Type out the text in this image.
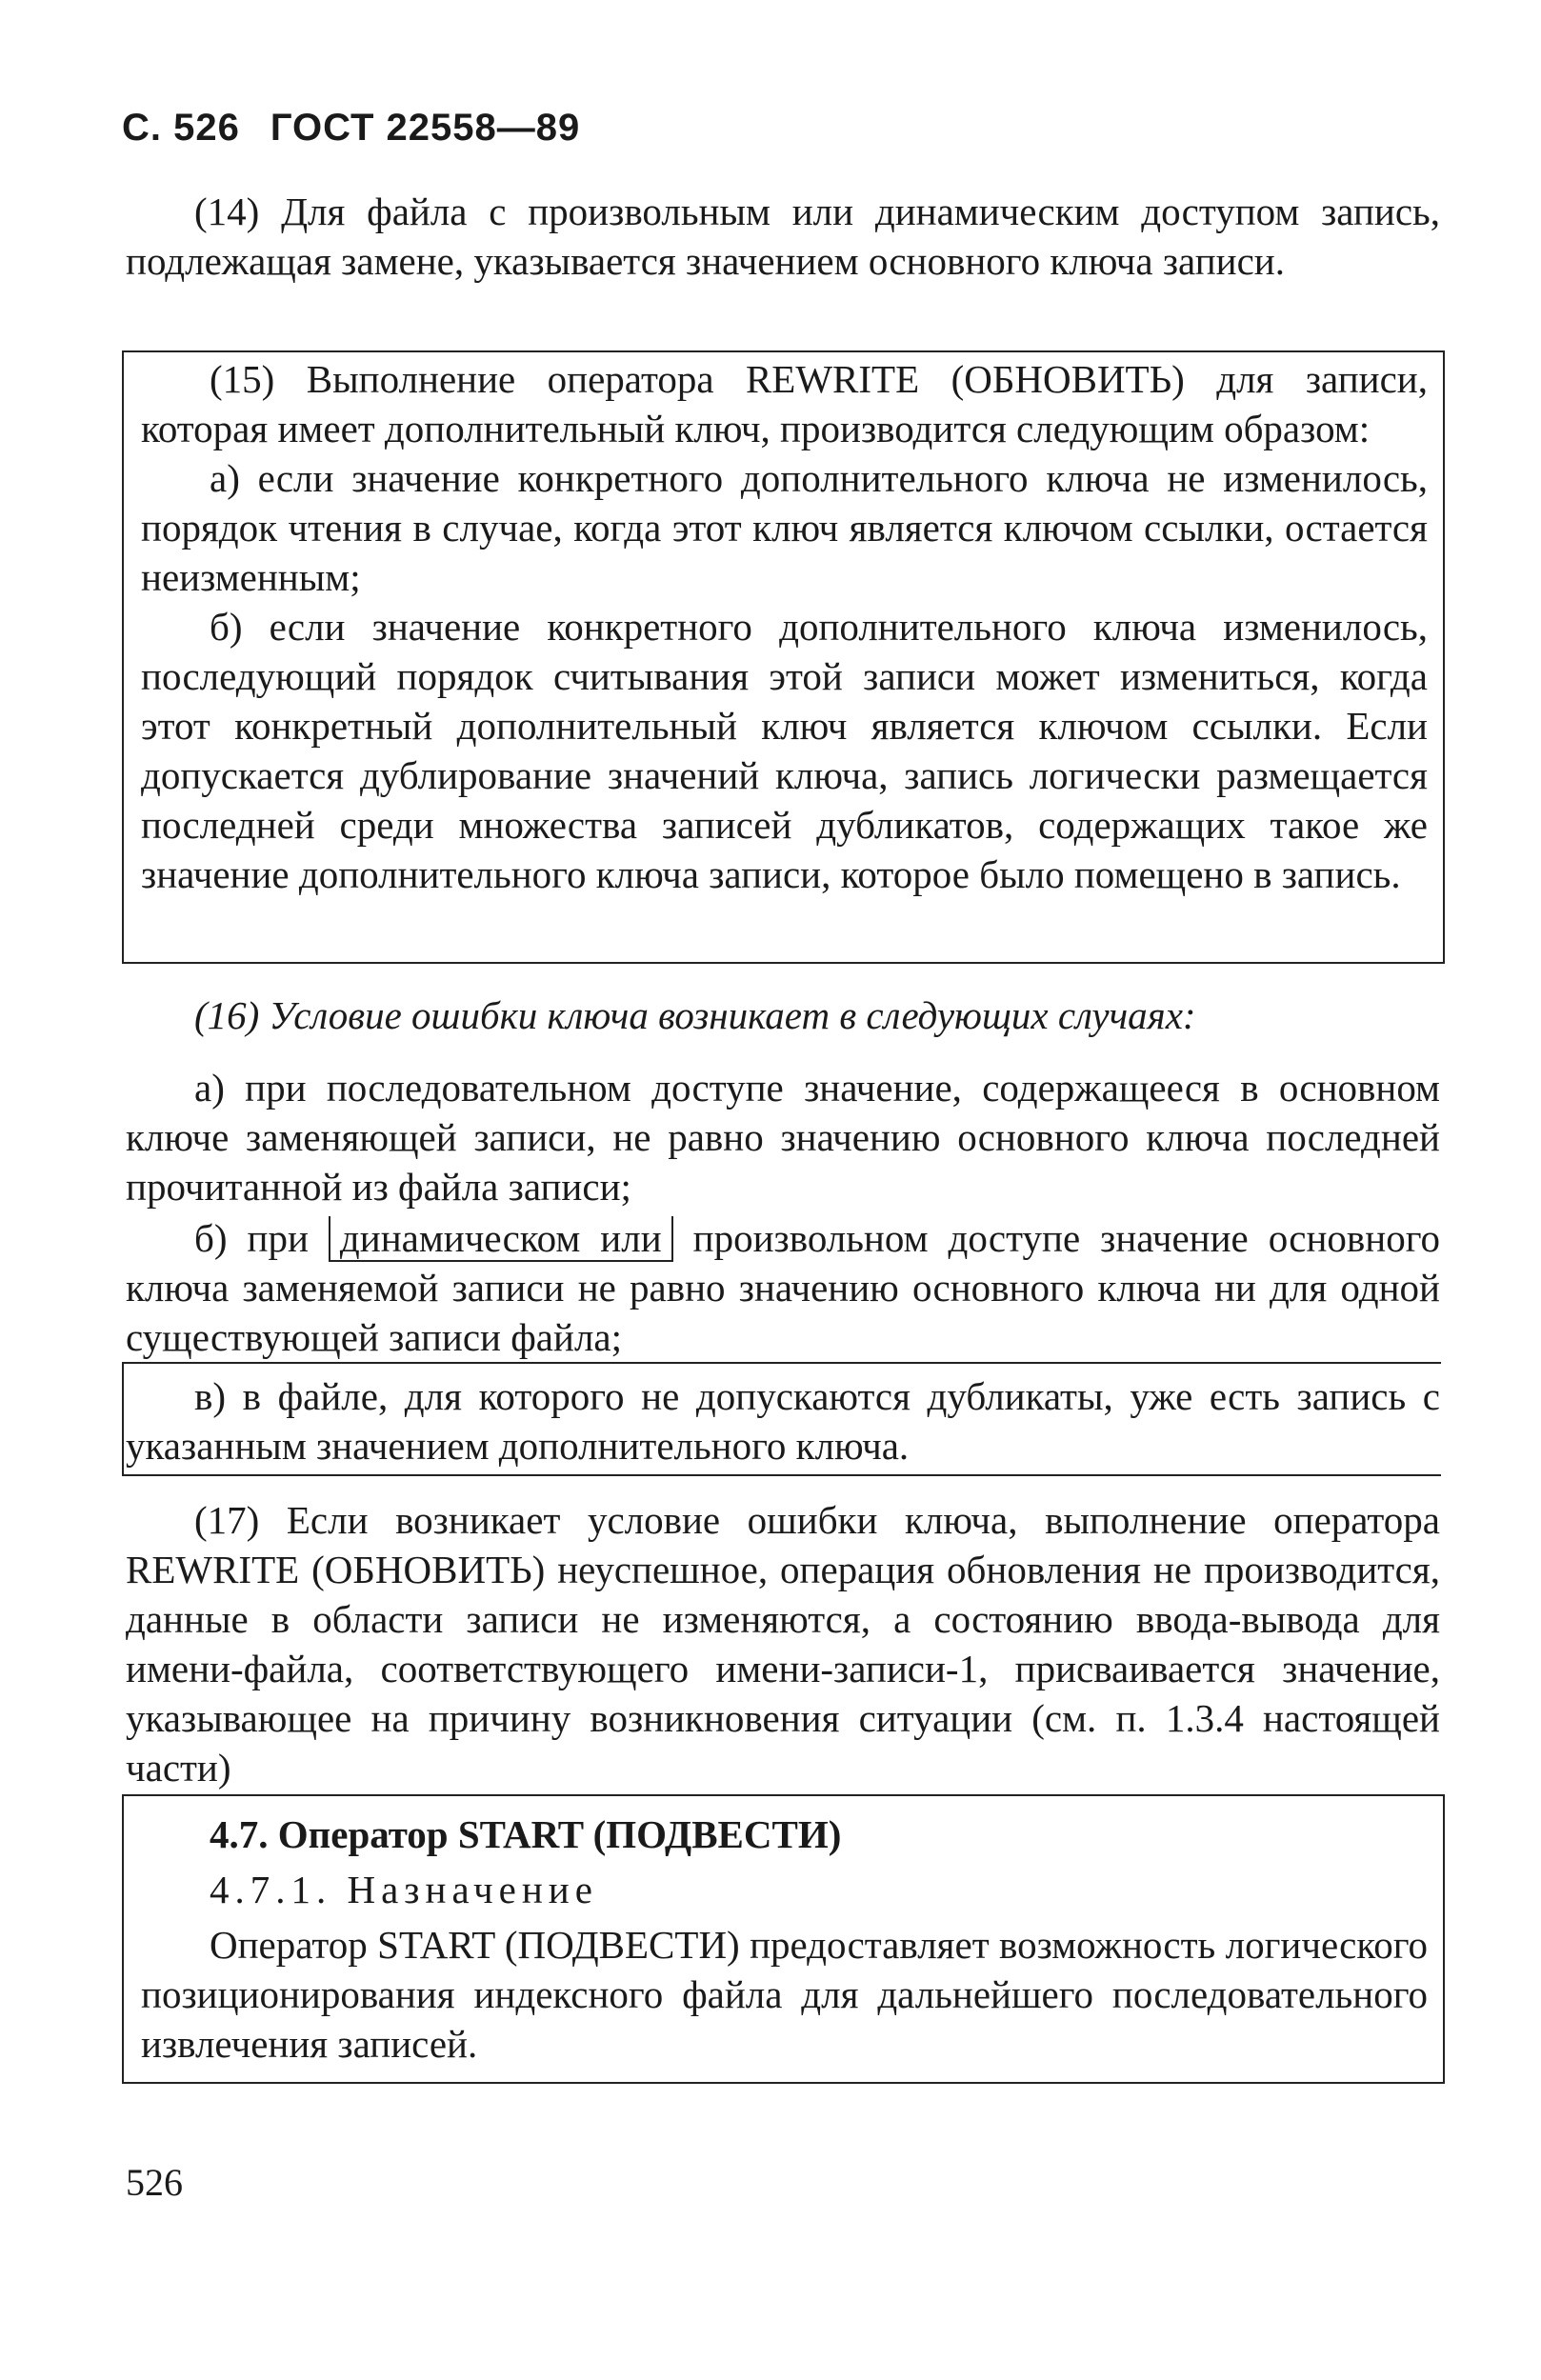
С. 526 ГОСТ 22558—89

(14) Для файла с произвольным или динамическим доступом запись, подлежащая замене, указывается значением основного ключа записи.

(15) Выполнение оператора REWRITE (ОБНОВИТЬ) для записи, которая имеет дополнительный ключ, производится следующим образом:

а) если значение конкретного дополнительного ключа не изменилось, порядок чтения в случае, когда этот ключ является ключом ссылки, остается неизменным;

б) если значение конкретного дополнительного ключа изменилось, последующий порядок считывания этой записи может измениться, когда этот конкретный дополнительный ключ является ключом ссылки. Если допускается дублирование значений ключа, запись логически размещается последней среди множества записей дубликатов, содержащих такое же значение дополнительного ключа записи, которое было помещено в запись.

(16) Условие ошибки ключа возникает в следующих случаях:

а) при последовательном доступе значение, содержащееся в основном ключе заменяющей записи, не равно значению основного ключа последней прочитанной из файла записи;

б) при динамическом или произвольном доступе значение основного ключа заменяемой записи не равно значению основного ключа ни для одной существующей записи файла;

в) в файле, для которого не допускаются дубликаты, уже есть запись с указанным значением дополнительного ключа.

(17) Если возникает условие ошибки ключа, выполнение оператора REWRITE (ОБНОВИТЬ) неуспешное, операция обновления не производится, данные в области записи не изменяются, а состоянию ввода-вывода для имени-файла, соответствующего имени-записи-1, присваивается значение, указывающее на причину возникновения ситуации (см. п. 1.3.4 настоящей части)

4.7. Оператор START (ПОДВЕСТИ)

4.7.1. Назначение

Оператор START (ПОДВЕСТИ) предоставляет возможность логического позиционирования индексного файла для дальнейшего последовательного извлечения записей.

526
